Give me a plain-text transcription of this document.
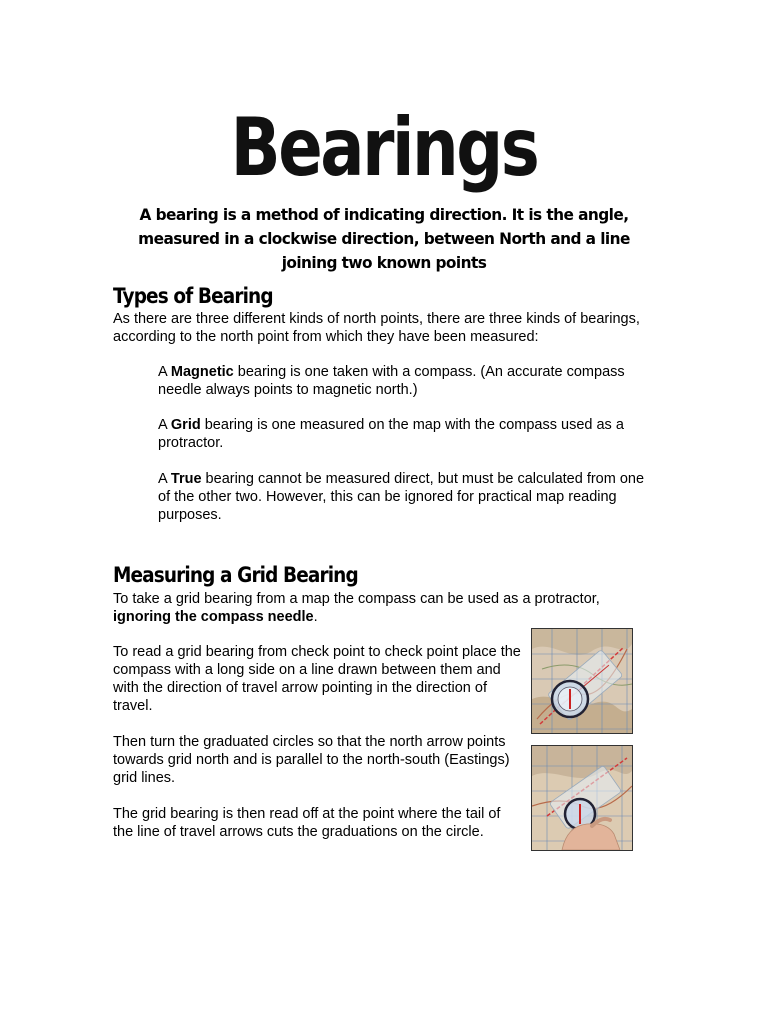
Bearings
A bearing is a method of indicating direction. It is the angle, measured in a clockwise direction, between North and a line joining two known points
Types of Bearing
As there are three different kinds of north points, there are three kinds of bearings, according to the north point from which they have been measured:
A Magnetic bearing is one taken with a compass. (An accurate compass needle always points to magnetic north.)
A Grid bearing is one measured on the map with the compass used as a protractor.
A True bearing cannot be measured direct, but must be calculated from one of the other two. However, this can be ignored for practical map reading purposes.
Measuring a Grid Bearing
To take a grid bearing from a map the compass can be used as a protractor, ignoring the compass needle.
To read a grid bearing from check point to check point place the compass with a long side on a line drawn between them and with the direction of travel arrow pointing in the direction of travel.
Then turn the graduated circles so that the north arrow points towards grid north and is parallel to the north-south (Eastings) grid lines.
The grid bearing is then read off at the point where the tail of the line of travel arrows cuts the graduations on the circle.
